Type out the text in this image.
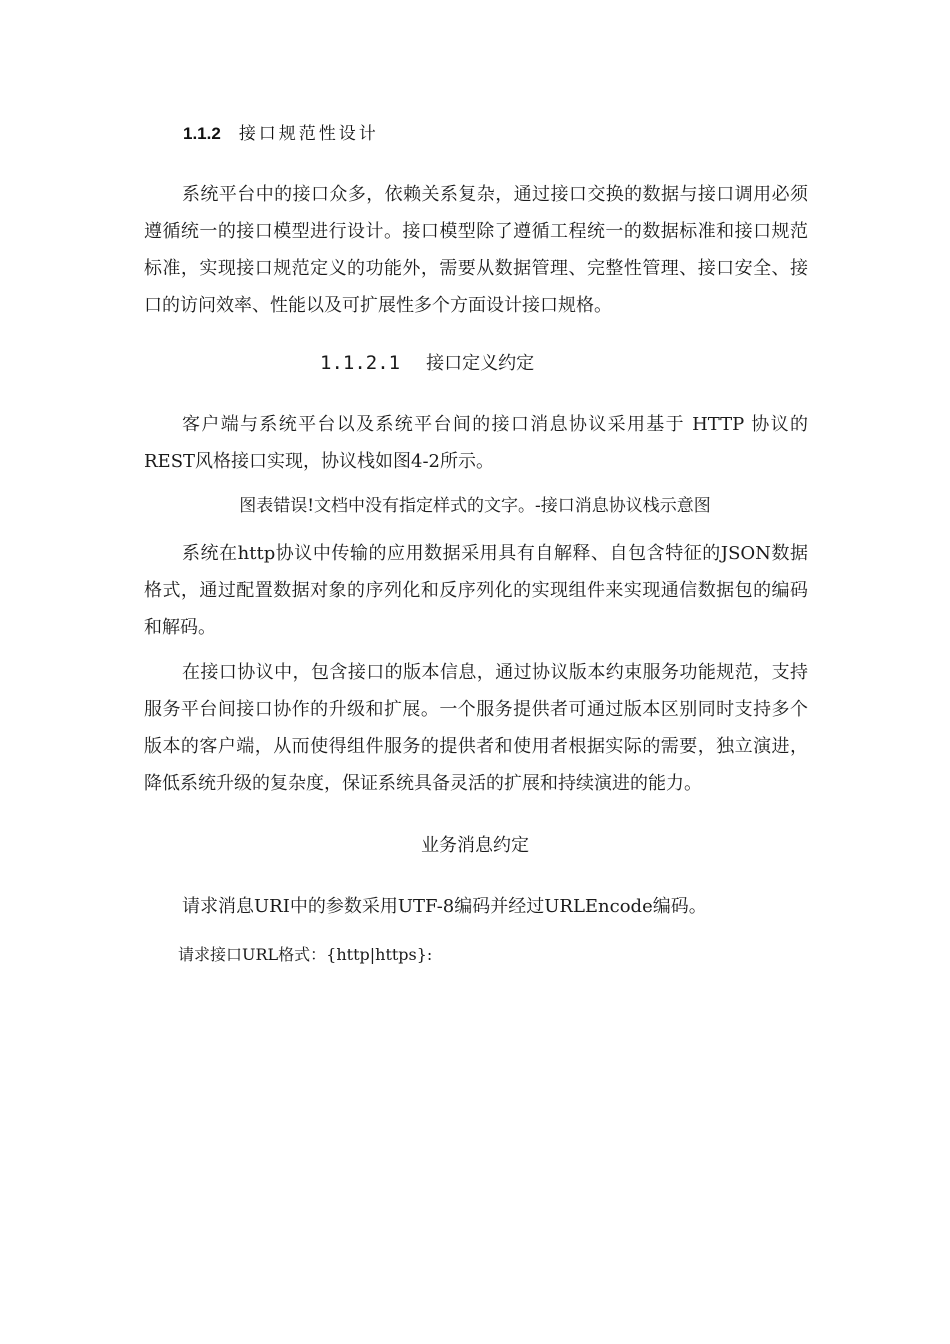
1.1.2 接口规范性设计

系统平台中的接口众多，依赖关系复杂，通过接口交换的数据与接口调用必须遵循统一的接口模型进行设计。接口模型除了遵循工程统一的数据标准和接口规范标准，实现接口规范定义的功能外，需要从数据管理、完整性管理、接口安全、接口的访问效率、性能以及可扩展性多个方面设计接口规格。

1.1.2.1 接口定义约定

客户端与系统平台以及系统平台间的接口消息协议采用基于 HTTP 协议的REST风格接口实现，协议栈如图4-2所示。

图表错误!文档中没有指定样式的文字。-接口消息协议栈示意图

系统在http协议中传输的应用数据采用具有自解释、自包含特征的JSON数据格式，通过配置数据对象的序列化和反序列化的实现组件来实现通信数据包的编码和解码。

在接口协议中，包含接口的版本信息，通过协议版本约束服务功能规范，支持服务平台间接口协作的升级和扩展。一个服务提供者可通过版本区别同时支持多个版本的客户端，从而使得组件服务的提供者和使用者根据实际的需要，独立演进，降低系统升级的复杂度，保证系统具备灵活的扩展和持续演进的能力。

业务消息约定
请求消息URI中的参数采用UTF-8编码并经过URLEncode编码。
请求接口URL格式：{http|https}:
